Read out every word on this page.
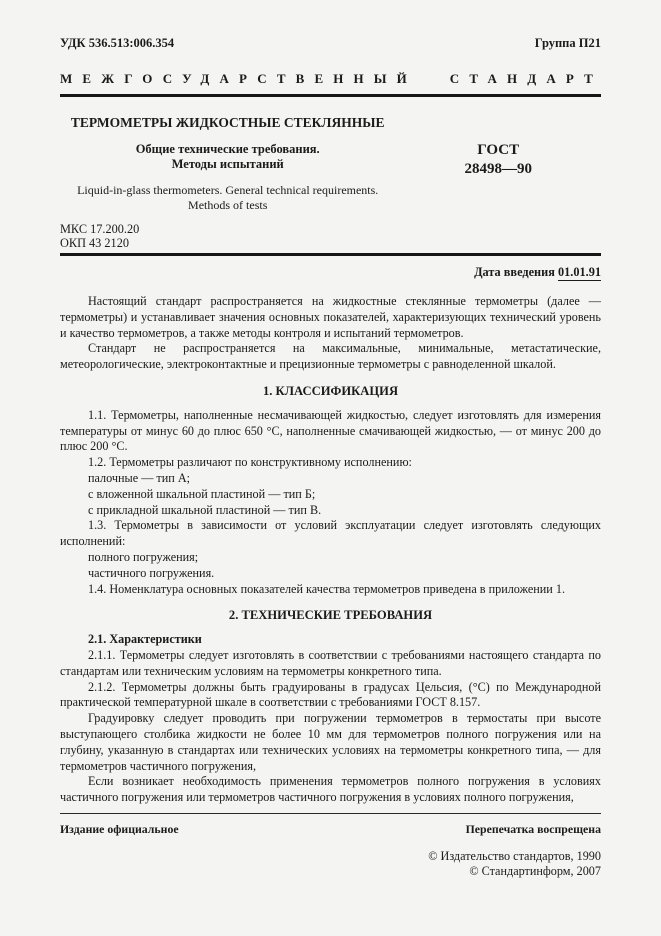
УДК 536.513:006.354	Группа П21
МЕЖГОСУДАРСТВЕННЫЙ СТАНДАРТ
ТЕРМОМЕТРЫ ЖИДКОСТНЫЕ СТЕКЛЯННЫЕ
Общие технические требования.
Методы испытаний
Liquid-in-glass thermometers. General technical requirements.
Methods of tests
ГОСТ
28498—90
МКС 17.200.20
ОКП 43 2120
Дата введения 01.01.91

Настоящий стандарт распространяется на жидкостные стеклянные термометры (далее — термометры) и устанавливает значения основных показателей, характеризующих технический уровень и качество термометров, а также методы контроля и испытаний термометров.

Стандарт не распространяется на максимальные, минимальные, метастатические, метеорологические, электроконтактные и прецизионные термометры с равноделенной шкалой.

1. КЛАССИФИКАЦИЯ

1.1. Термометры, наполненные несмачивающей жидкостью, следует изготовлять для измерения температуры от минус 60 до плюс 650 °С, наполненные смачивающей жидкостью, — от минус 200 до плюс 200 °С.

1.2. Термометры различают по конструктивному исполнению:

палочные — тип А;

с вложенной шкальной пластиной — тип Б;

с прикладной шкальной пластиной — тип В.

1.3. Термометры в зависимости от условий эксплуатации следует изготовлять следующих исполнений:

полного погружения;

частичного погружения.

1.4. Номенклатура основных показателей качества термометров приведена в приложении 1.

2. ТЕХНИЧЕСКИЕ ТРЕБОВАНИЯ

2.1. Характеристики

2.1.1. Термометры следует изготовлять в соответствии с требованиями настоящего стандарта по стандартам или техническим условиям на термометры конкретного типа.

2.1.2. Термометры должны быть градуированы в градусах Цельсия, (°С) по Международной практической температурной шкале в соответствии с требованиями ГОСТ 8.157.

Градуировку следует проводить при погружении термометров в термостаты при высоте выступающего столбика жидкости не более 10 мм для термометров полного погружения или на глубину, указанную в стандартах или технических условиях на термометры конкретного типа, — для термометров частичного погружения,

Если возникает необходимость применения термометров полного погружения в условиях частичного погружения или термометров частичного погружения в условиях полного погружения,

Издание официальное	Перепечатка воспрещена
© Издательство стандартов, 1990
© Стандартинформ, 2007
